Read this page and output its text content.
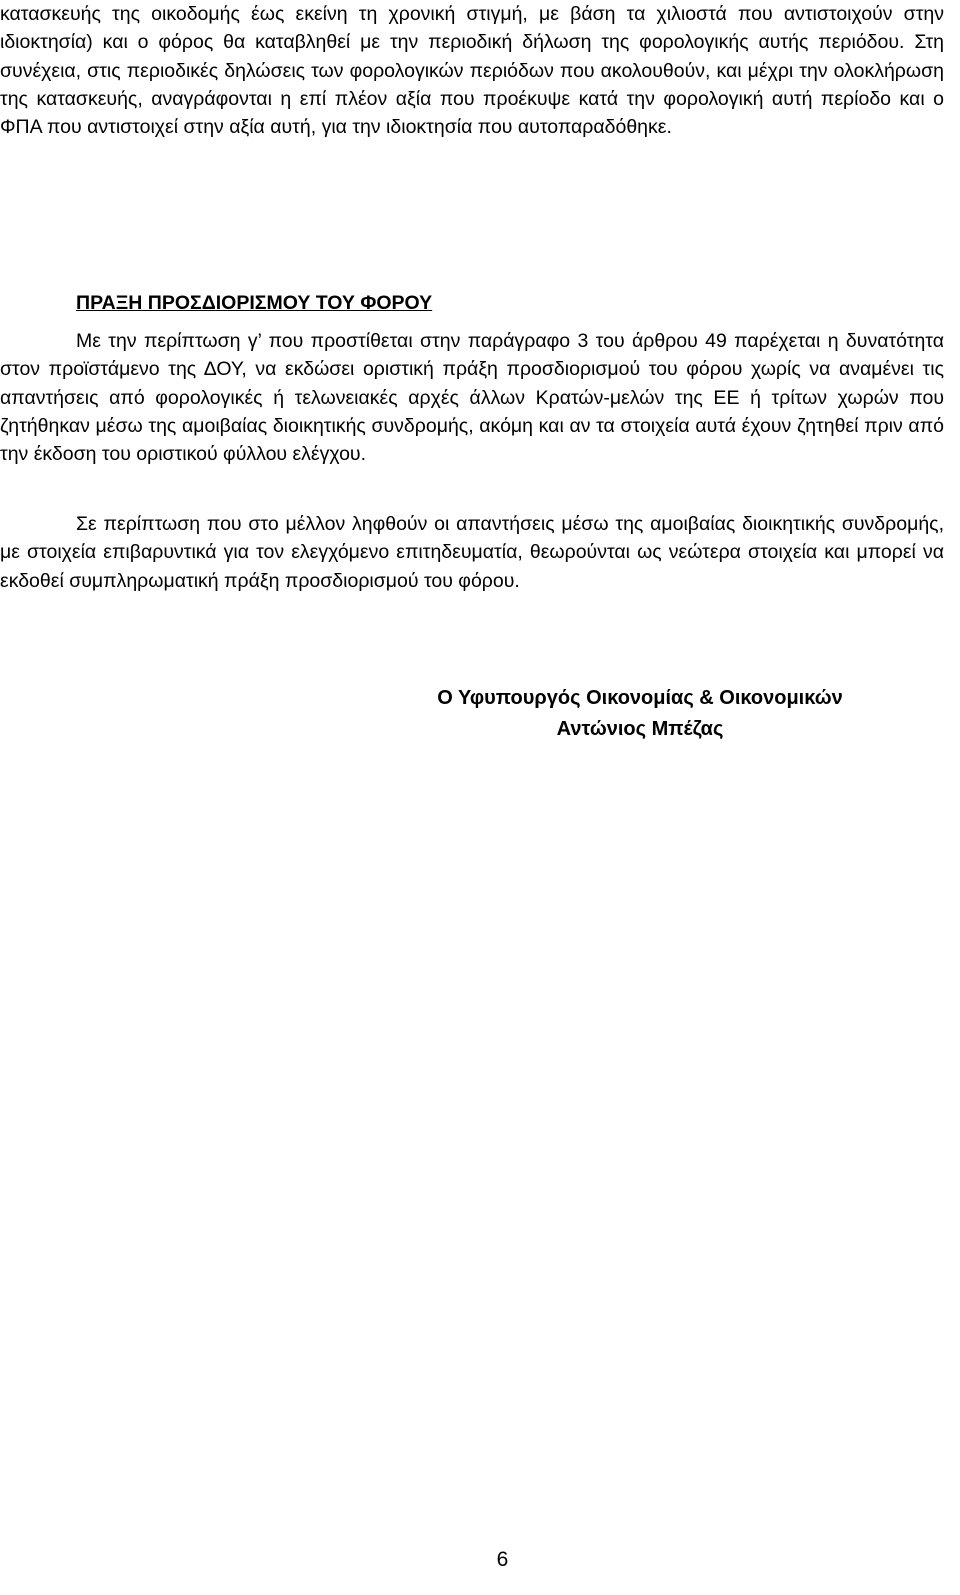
κατασκευής της οικοδομής έως εκείνη τη χρονική στιγμή, με βάση τα χιλιοστά που αντιστοιχούν στην ιδιοκτησία) και ο φόρος θα καταβληθεί με την περιοδική δήλωση της φορολογικής αυτής περιόδου. Στη συνέχεια, στις περιοδικές δηλώσεις των φορολογικών περιόδων που ακολουθούν, και μέχρι την ολοκλήρωση της κατασκευής, αναγράφονται η επί πλέον αξία που προέκυψε κατά την φορολογική αυτή περίοδο και ο ΦΠΑ που αντιστοιχεί στην αξία αυτή, για την ιδιοκτησία που αυτοπαραδόθηκε.

ΠΡΑΞΗ ΠΡΟΣΔΙΟΡΙΣΜΟΥ ΤΟΥ ΦΟΡΟΥ

Με την περίπτωση γ’ που προστίθεται στην παράγραφο 3 του άρθρου 49 παρέχεται η δυνατότητα στον προϊστάμενο της ΔΟΥ, να εκδώσει οριστική πράξη προσδιορισμού του φόρου χωρίς να αναμένει τις απαντήσεις από φορολογικές ή τελωνειακές αρχές άλλων Κρατών-μελών της ΕΕ ή τρίτων χωρών που ζητήθηκαν μέσω της αμοιβαίας διοικητικής συνδρομής, ακόμη και αν τα στοιχεία αυτά έχουν ζητηθεί πριν από την έκδοση του οριστικού φύλλου ελέγχου.

Σε περίπτωση που στο μέλλον ληφθούν οι απαντήσεις μέσω της αμοιβαίας διοικητικής συνδρομής, με στοιχεία επιβαρυντικά για τον ελεγχόμενο επιτηδευματία, θεωρούνται ως νεώτερα στοιχεία και μπορεί να εκδοθεί συμπληρωματική πράξη προσδιορισμού του φόρου.

Ο Υφυπουργός Οικονομίας & Οικονομικών

Αντώνιος Μπέζας

6
